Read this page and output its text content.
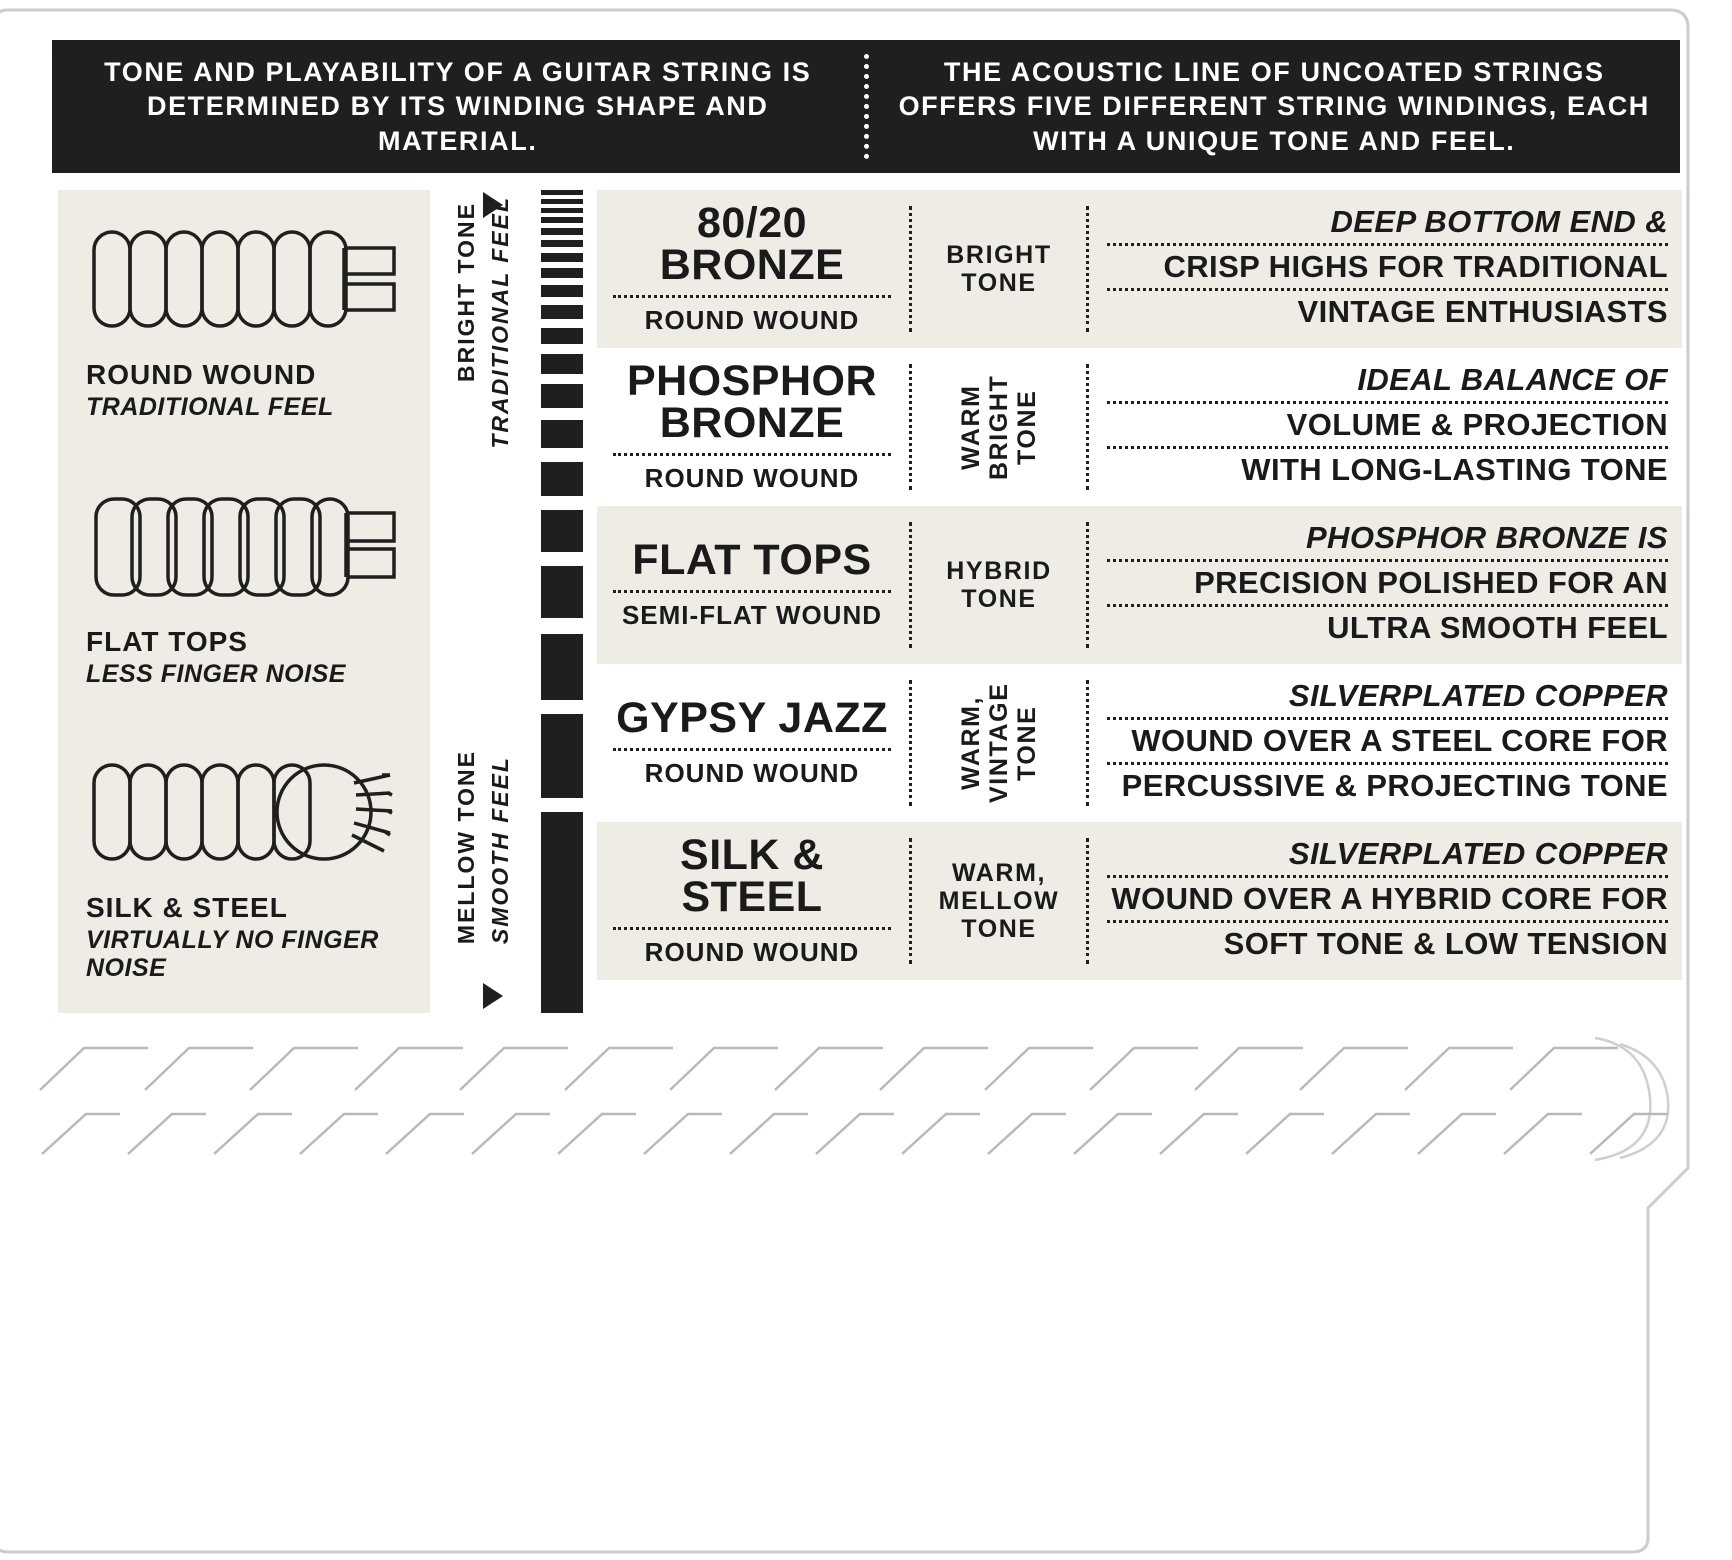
TONE AND PLAYABILITY OF A GUITAR STRING IS DETERMINED BY ITS WINDING SHAPE AND MATERIAL.
THE ACOUSTIC LINE OF UNCOATED STRINGS OFFERS FIVE DIFFERENT STRING WINDINGS, EACH WITH A UNIQUE TONE AND FEEL.
ROUND WOUND
TRADITIONAL FEEL
FLAT TOPS
LESS FINGER NOISE
SILK & STEEL
VIRTUALLY NO FINGER NOISE
BRIGHT TONE TRADITIONAL FEEL
MELLOW TONE SMOOTH FEEL
80/20 BRONZE
ROUND WOUND
BRIGHT TONE
DEEP BOTTOM END &
CRISP HIGHS FOR TRADITIONAL
VINTAGE ENTHUSIASTS
PHOSPHOR BRONZE
ROUND WOUND
WARM BRIGHT TONE
IDEAL BALANCE OF
VOLUME & PROJECTION
WITH LONG-LASTING TONE
FLAT TOPS
SEMI-FLAT WOUND
HYBRID TONE
PHOSPHOR BRONZE IS
PRECISION POLISHED FOR AN
ULTRA SMOOTH FEEL
GYPSY JAZZ
ROUND WOUND	WARM, VINTAGE TONE
SILVERPLATED COPPER
WOUND OVER A STEEL CORE FOR
PERCUSSIVE & PROJECTING TONE
SILK & STEEL
ROUND WOUND
WARM, MELLOW TONE
SILVERPLATED COPPER
WOUND OVER A HYBRID CORE FOR
SOFT TONE & LOW TENSION
